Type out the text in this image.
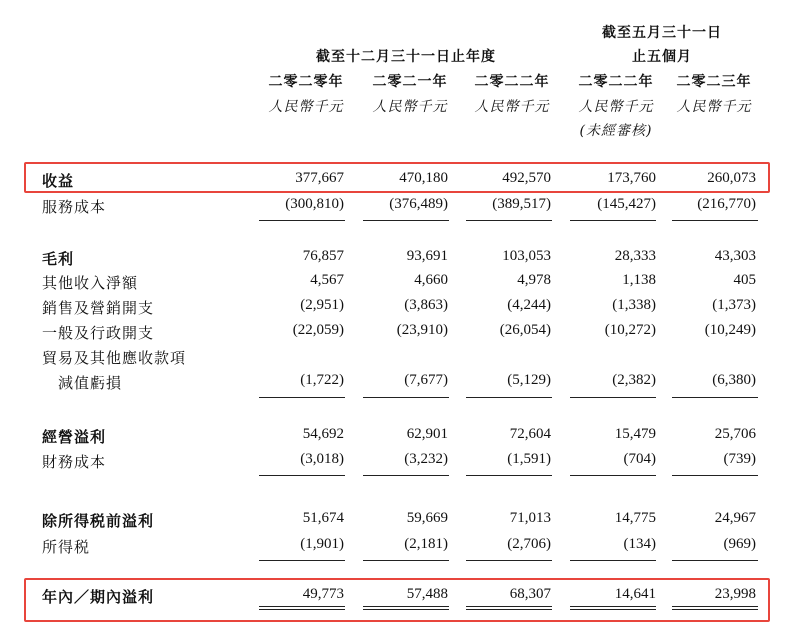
截至十二月三十一日止年度
截至五月三十一日
止五個月
二零二零年	二零二一年	二零二二年	二零二二年	二零二三年
人民幣千元	人民幣千元	人民幣千元	人民幣千元	人民幣千元
(未經審核)
收益	377,667	470,180	492,570	173,760	260,073
服務成本	(300,810)	(376,489)	(389,517)	(145,427)	(216,770)
毛利	76,857	93,691	103,053	28,333	43,303
其他收入淨額	4,567	4,660	4,978	1,138	405
銷售及營銷開支	(2,951)	(3,863)	(4,244)	(1,338)	(1,373)
一般及行政開支	(22,059)	(23,910)	(26,054)	(10,272)	(10,249)
貿易及其他應收款項
減值虧損	(1,722)	(7,677)	(5,129)	(2,382)	(6,380)
經營溢利	54,692	62,901	72,604	15,479	25,706
財務成本	(3,018)	(3,232)	(1,591)	(704)	(739)
除所得税前溢利	51,674	59,669	71,013	14,775	24,967
所得税	(1,901)	(2,181)	(2,706)	(134)	(969)
年內／期內溢利	49,773	57,488	68,307	14,641	23,998
